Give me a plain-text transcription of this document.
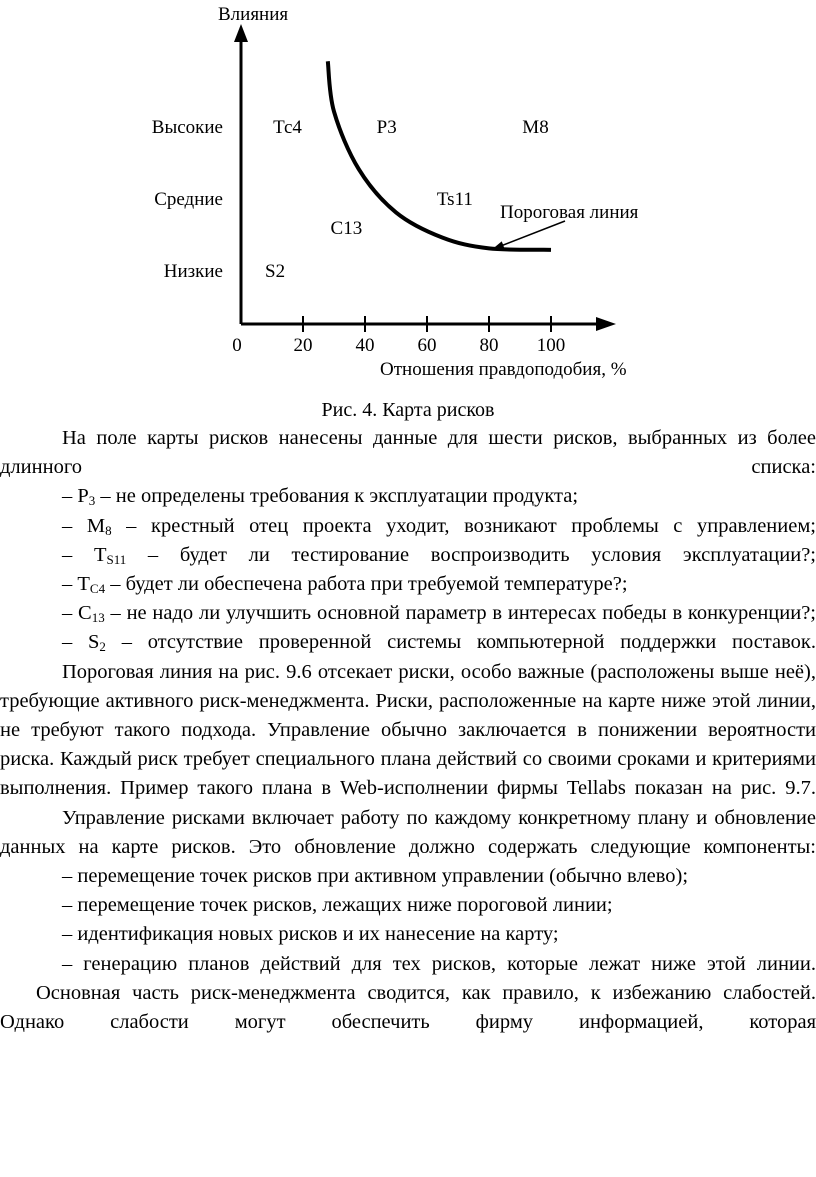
Влияния
Отношения правдоподобия, %
Низкие
Средние
Высокие
0	20 40 60 80 100
Пороговая линия
Тс4	Р3	М8
Ts11
С13
S2
Рис. 4. Карта рисков

На поле карты рисков нанесены данные для шести рисков, выбранных из более длинного списка:

– $Р_3$ – не определены требования к эксплуатации продукта;

– $М_8$ – крестный отец проекта уходит, возникают проблемы с управлением;

– $Т_{S11}$ – будет ли тестирование воспроизводить условия эксплуатации?;

– $Т_{C4}$ – будет ли обеспечена работа при требуемой температуре?;

– $С_{13}$ – не надо ли улучшить основной параметр в интересах победы в конкуренции?;

– $S_2$ – отсутствие проверенной системы компьютерной поддержки поставок.

Пороговая линия на рис. 9.6 отсекает риски, особо важные (расположены выше неё), требующие активного риск-менеджмента. Риски, расположенные на карте ниже этой линии, не требуют такого подхода. Управление обычно заключается в понижении вероятности риска. Каждый риск требует специального плана действий со своими сроками и критериями выполнения. Пример такого плана в Web-исполнении фирмы Tellabs показан на рис. 9.7.

Управление рисками включает работу по каждому конкретному плану и обновление данных на карте рисков. Это обновление должно содержать следующие компоненты:

– перемещение точек рисков при активном управлении (обычно влево);

– перемещение точек рисков, лежащих ниже пороговой линии;

– идентификация новых рисков и их нанесение на карту;

– генерацию планов действий для тех рисков, которые лежат ниже этой линии.

Основная часть риск-менеджмента сводится, как правило, к избежанию слабостей. Однако слабости могут обеспечить фирму информацией, которая
